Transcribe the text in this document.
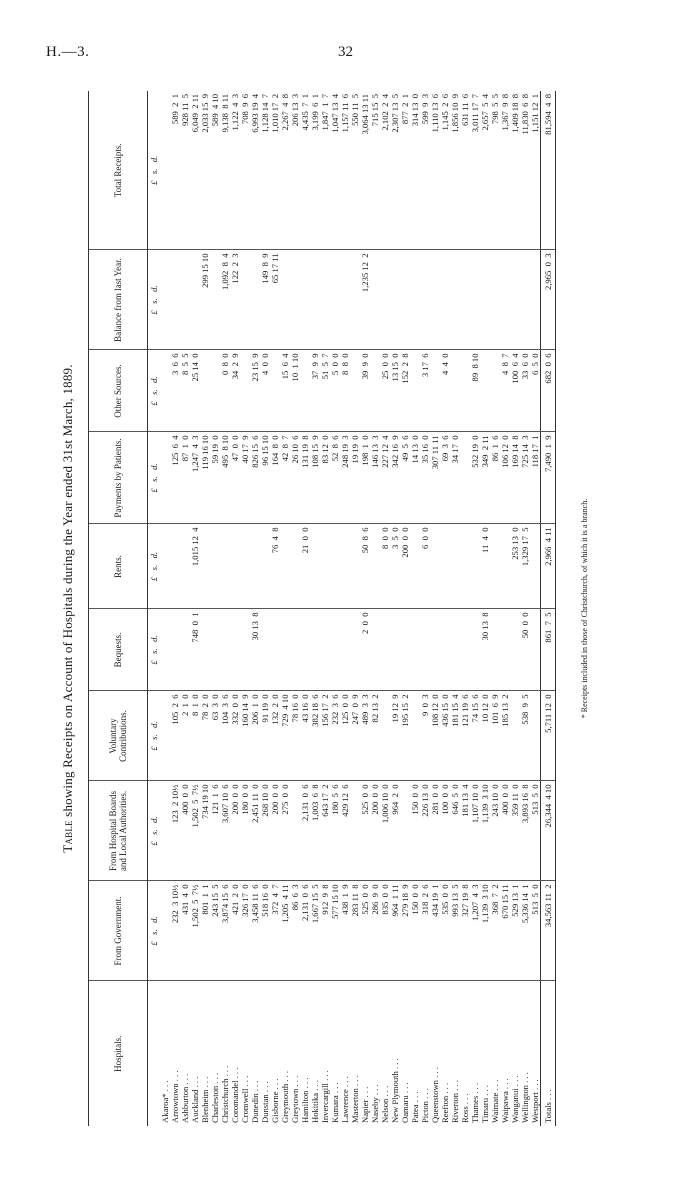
H.—3.	32
Table showing Receipts on Account of Hospitals during the Year ended 31st March, 1889.
Hospitals.	From Government.	From Hospital Boards and Local Authorities.	Voluntary Contributions.	Bequests.	Rents.	Payments by Patients.	Other Sources.	Balance from last Year.	Total Receipts.
	£   s.   d.	£   s.   d.	£   s.   d.	£   s.   d.	£   s.   d.	£   s.   d.	£   s.   d.	£   s.   d.	£   s.   d.
Akaroa* . . .									
Arrowtown . . .	232  3 10½	123  2 10½	105  2  6			125  6  4	3  6  6		589  2  1
Ashburton . . .	431  4  0	400  0  0	2  1  0			87  1  0	8  5  5		928 11  5
Auckland . . .	1,502  5  7½	1,502  5  7½	8  1  0	748  0  1	1,015 12  4	1,247  4  3	25 14  0		6,049  2 11
Blenheim . . .	801  1  1	734 19 10	78  2  0			119 16 10		299 15 10	2,033 15  9
Charleston . . .	243 15  5	121  1  6	63  3  0			59 19  0			589  4 10
Christchurch . . .	3,874 15  6	3,607 10  6	104  3  6			495  8 10	0  8  0	1,092  8  4	9,138  8 11
Coromandel . . .	421  2  0	200  0  0	332  0  0			47  0  0	34  2  9	122  2  3	1,122  4  3
Cromwell . . .	326 17  0	180  0  0	160 14  9			40 17  9			708  9  6
Dunedin . . .	3,458 11  6	2,451 11  0	206  1  0	30 13  8		826 15  6	23 15  9		6,993 19  4
Dunstan . . .	518 16  0	268 10  0	91 19  0			96 15 10	4  0  0	149  8  9	1,128 14  7
Gisborne . . .	372  4  7	200  0  0	132  2  0		76  4  8	164  8  0		65 17 11	1,010 17  2
Greymouth . . .	1,205  4 11	275  0  0	729  4 10			42  8  7	15  6  4		2,267  4  8
Greytown . . .	86  6  3		78 16  0			26 10  6	10  1 10		206 13  3
Hamilton . . .	2,131  0  6	2,131  0  6	43 16  0		21  0  0	131 19  8			4,435  7  1
Hokitika . . .	1,667 15  5	1,003  6  8	382 18  6			108 15  9	37  9  9		3,199  6  1
Invercargill . . .	912  9  8	643 17  2	156 17  2			83 12  0	51  5  7		1,847  1  7
Kumara . . .	577 15 10	180  5  6	232  3  6			52  8  6	5  0  0		1,047 13  4
Lawrence . . .	438  1  9	429 12  6	125  0  0			248 19  3	8  8  0		1,157 11  6
Masterton . . .	283 11  8		247  0  9			19 19  0			550 11  5
Napier . . .	525  0  0	525  0  0	489  3  3	2  0  0	50  8  6	198  1  0	39  9  0	1,235 12  2	3,064 13 11
Naseby . . .	286  9  0	200  0  0	82 13  2			146 13  3			715 15  5
Nelson . . .	835  0  0	1,006 10  0			8  0  0	227 12  4	25  0  0		2,102  2  4
New Plymouth . . .	964  1 11	964  2  0	19 12  9		3  5  0	342 16  9	13 15  0		2,307 13  5
Oamaru . . .	279 18  9		195 15  2		200  0  0	49  5  6	152  2  8		877  2  1
Patea . . .	150  0  0	150  0  0				14 13  0			314 13  0
Picton . . .	318  2  6	226 13  0	9  0  3		6  0  0	35 16  0	3 17  6		599  9  3
Queenstown . . .	434 19  1	281  0  0	108 12  0			307 11 11			1,110 13  6
Reefton . . .	535  0  0	100  0  0	436 15  0			69  3  6	4  4  0		1,145  2  6
Riverton . . .	993 13  5	646  5  0	181 15  4			34 17  0			1,856 10  9
Ross . . .	327 19  8	181 13  4	121 19  6						631 11  6
Thames . . .	1,207  4  3	1,107 10  0	74 15  6			532 19  0	89  8 10		3,011 17  7
Timaru . . .	1,139  3 10	1,139  3 10	10 12  0	30 13  8	11  4  0	349  2 11			2,657  5  4
Waimate . . .	368  7  2	243 10  0	101  6  9			86  1  6			798  5  5
Waipawa . . .	670 15 11	400  0  0	185 13  2			106 12  0	4  8  7		1,367  9  8
Wanganui . . .	529 13  1	359 11  0			253 13  0	169 14  8	100  6  4		1,409 18  8
Wellington . . .	5,336 14  1	3,893 16  8	538  9  5	50  0  0	1,329 17  5	725 14  3	33  6  0		11,830  6  8
Westport . . .	513  5  0	513  5  0				118 17  1	6  5  0		1,151 12  1
Totals . . .	34,563 11  2	26,344  4 10	5,711 12  0	861  7  5	2,966  4 11	7,490  1  9	682  0  6	2,965  0  3	81,594  4  8
* Receipts included in those of Christchurch, of which it is a branch.
